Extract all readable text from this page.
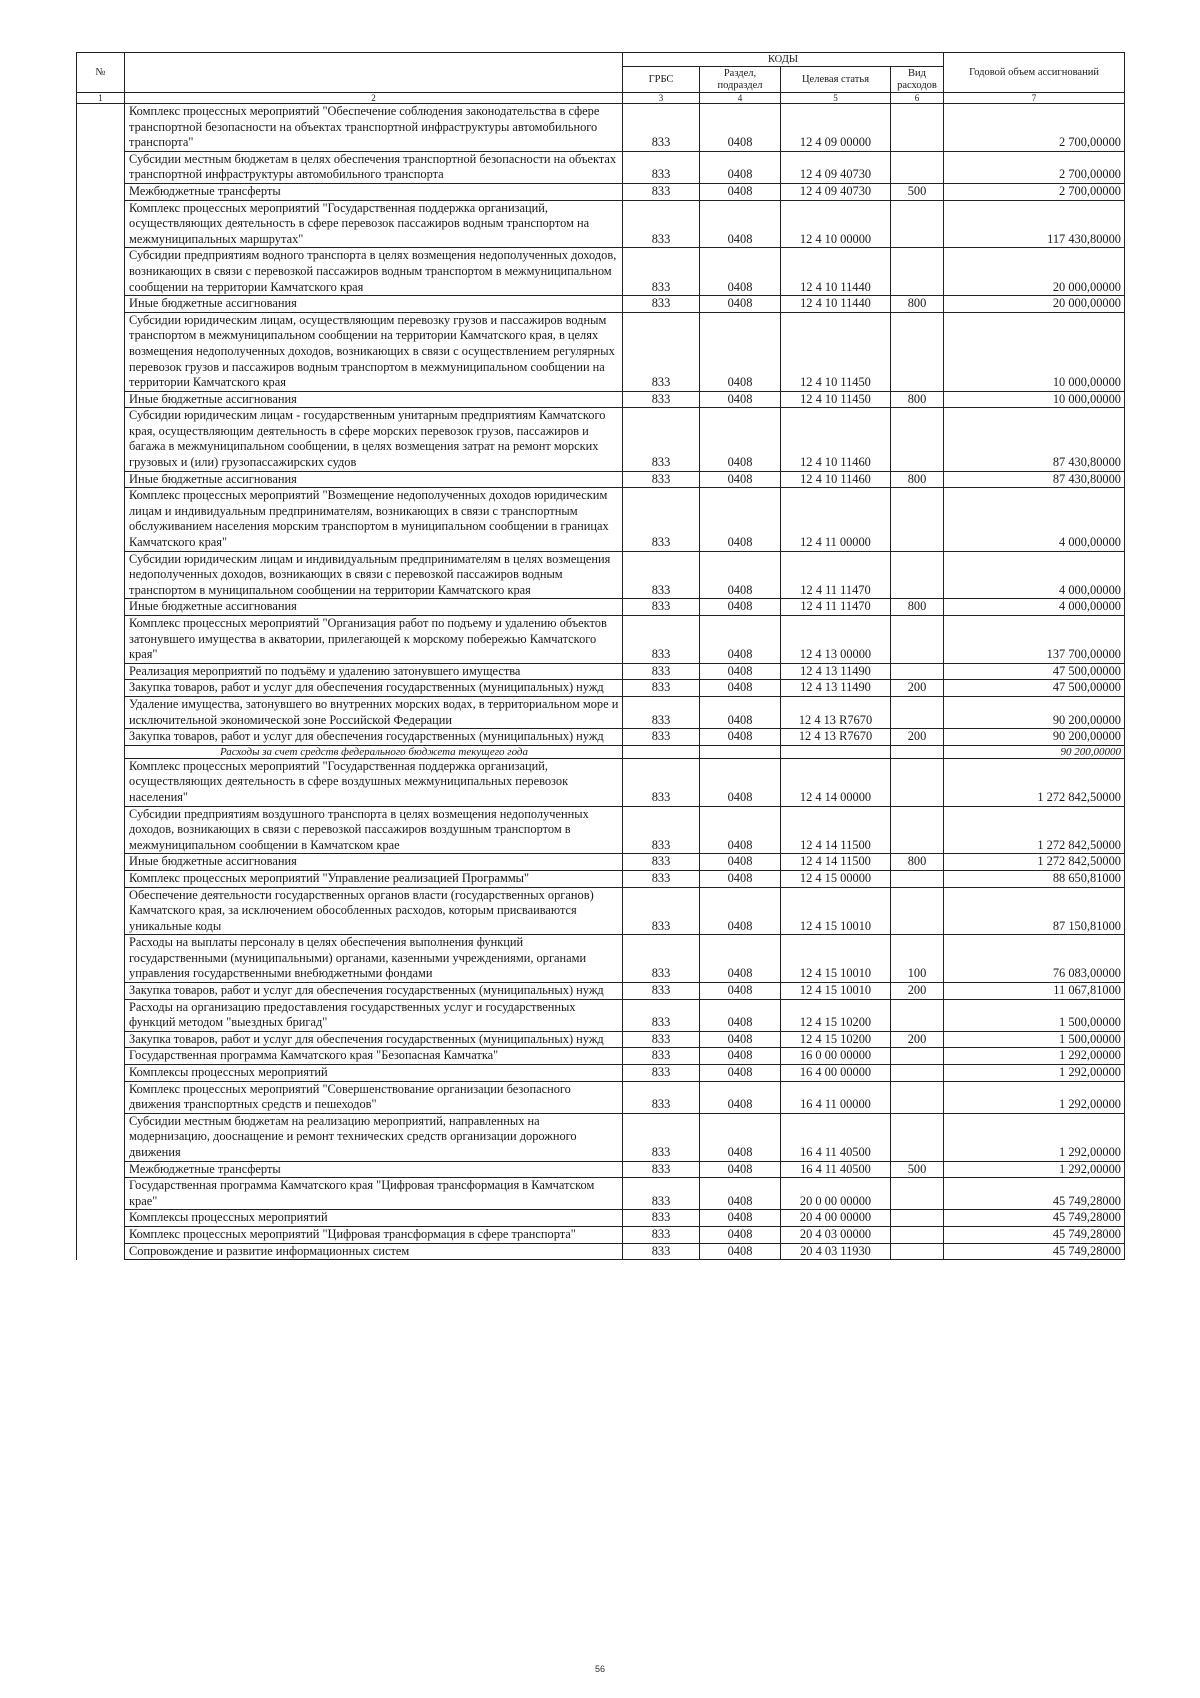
№		КОДЫ				Годовой объем ассигнований
		ГРБС	Раздел, подраздел	Целевая статья	Вид расходов	
1	2	3	4	5	6	7
	Комплекс процессных мероприятий "Обеспечение соблюдения законодательства в сфере транспортной безопасности на объектах транспортной инфраструктуры автомобильного транспорта"	833	0408	12 4 09 00000		2 700,00000
	Субсидии местным бюджетам в целях обеспечения транспортной безопасности на объектах транспортной инфраструктуры автомобильного транспорта	833	0408	12 4 09 40730		2 700,00000
	Межбюджетные трансферты	833	0408	12 4 09 40730	500	2 700,00000
	Комплекс процессных мероприятий "Государственная поддержка организаций, осуществляющих деятельность в сфере перевозок пассажиров водным транспортом на межмуниципальных маршрутах"	833	0408	12 4 10 00000		117 430,80000
	Субсидии предприятиям водного транспорта в целях возмещения недополученных доходов, возникающих в связи с перевозкой пассажиров водным транспортом в межмуниципальном сообщении на территории Камчатского края	833	0408	12 4 10 11440		20 000,00000
	Иные бюджетные ассигнования	833	0408	12 4 10 11440	800	20 000,00000
	Субсидии юридическим лицам, осуществляющим перевозку грузов и пассажиров водным транспортом в межмуниципальном сообщении на территории Камчатского края, в целях возмещения недополученных доходов, возникающих в связи с осуществлением регулярных перевозок грузов и пассажиров водным транспортом в межмуниципальном сообщении на территории Камчатского края	833	0408	12 4 10 11450		10 000,00000
	Иные бюджетные ассигнования	833	0408	12 4 10 11450	800	10 000,00000
	Субсидии юридическим лицам - государственным унитарным предприятиям Камчатского края, осуществляющим деятельность в сфере морских перевозок грузов, пассажиров и багажа в межмуниципальном сообщении, в целях возмещения затрат на ремонт морских грузовых и (или) грузопассажирских судов	833	0408	12 4 10 11460		87 430,80000
	Иные бюджетные ассигнования	833	0408	12 4 10 11460	800	87 430,80000
	Комплекс процессных мероприятий "Возмещение недополученных доходов юридическим лицам и индивидуальным предпринимателям, возникающих в связи с транспортным обслуживанием населения морским транспортом в муниципальном сообщении в границах Камчатского края"	833	0408	12 4 11 00000		4 000,00000
	Субсидии юридическим лицам и индивидуальным предпринимателям в целях возмещения недополученных доходов, возникающих в связи с перевозкой пассажиров водным транспортом в муниципальном сообщении на территории Камчатского края	833	0408	12 4 11 11470		4 000,00000
	Иные бюджетные ассигнования	833	0408	12 4 11 11470	800	4 000,00000
	Комплекс процессных мероприятий "Организация работ по подъему и удалению объектов затонувшего имущества в акватории, прилегающей к морскому побережью Камчатского края"	833	0408	12 4 13 00000		137 700,00000
	Реализация мероприятий по подъёму и удалению затонувшего имущества	833	0408	12 4 13 11490		47 500,00000
	Закупка товаров, работ и услуг для обеспечения государственных (муниципальных) нужд	833	0408	12 4 13 11490	200	47 500,00000
	Удаление имущества, затонувшего во внутренних морских водах, в территориальном море и исключительной экономической зоне Российской Федерации	833	0408	12 4 13 R7670		90 200,00000
	Закупка товаров, работ и услуг для обеспечения государственных (муниципальных) нужд	833	0408	12 4 13 R7670	200	90 200,00000
	Расходы за счет средств федерального бюджета текущего года					90 200,00000
	Комплекс процессных мероприятий "Государственная поддержка организаций, осуществляющих деятельность в сфере воздушных межмуниципальных перевозок населения"	833	0408	12 4 14 00000		1 272 842,50000
	Субсидии предприятиям воздушного транспорта в целях возмещения недополученных доходов, возникающих в связи с перевозкой пассажиров воздушным транспортом в межмуниципальном сообщении в Камчатском крае	833	0408	12 4 14 11500		1 272 842,50000
	Иные бюджетные ассигнования	833	0408	12 4 14 11500	800	1 272 842,50000
	Комплекс процессных мероприятий "Управление реализацией Программы"	833	0408	12 4 15 00000		88 650,81000
	Обеспечение деятельности государственных органов власти (государственных органов) Камчатского края, за исключением обособленных расходов, которым присваиваются уникальные коды	833	0408	12 4 15 10010		87 150,81000
	Расходы на выплаты персоналу в целях обеспечения выполнения функций государственными (муниципальными) органами, казенными учреждениями, органами управления государственными внебюджетными фондами	833	0408	12 4 15 10010	100	76 083,00000
	Закупка товаров, работ и услуг для обеспечения государственных (муниципальных) нужд	833	0408	12 4 15 10010	200	11 067,81000
	Расходы на организацию предоставления государственных услуг и государственных функций методом "выездных бригад"	833	0408	12 4 15 10200		1 500,00000
	Закупка товаров, работ и услуг для обеспечения государственных (муниципальных) нужд	833	0408	12 4 15 10200	200	1 500,00000
	Государственная программа Камчатского края "Безопасная Камчатка"	833	0408	16 0 00 00000		1 292,00000
	Комплексы процессных мероприятий	833	0408	16 4 00 00000		1 292,00000
	Комплекс процессных мероприятий "Совершенствование организации безопасного движения транспортных средств и пешеходов"	833	0408	16 4 11 00000		1 292,00000
	Субсидии местным бюджетам на реализацию мероприятий, направленных на модернизацию, дооснащение и ремонт технических средств организации дорожного движения	833	0408	16 4 11 40500		1 292,00000
	Межбюджетные трансферты	833	0408	16 4 11 40500	500	1 292,00000
	Государственная программа Камчатского края "Цифровая трансформация в Камчатском крае"	833	0408	20 0 00 00000		45 749,28000
	Комплексы процессных мероприятий	833	0408	20 4 00 00000		45 749,28000
	Комплекс процессных мероприятий "Цифровая трансформация в сфере транспорта"	833	0408	20 4 03 00000		45 749,28000
	Сопровождение и развитие информационных систем	833	0408	20 4 03 11930		45 749,28000
56
